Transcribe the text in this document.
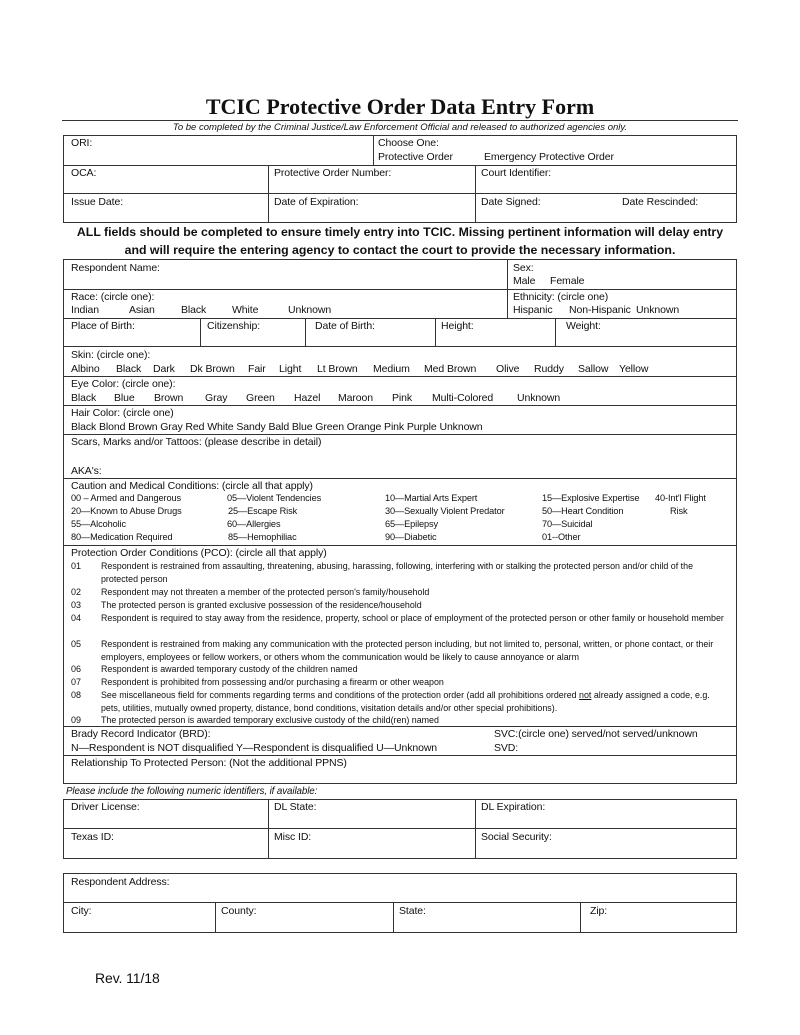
TCIC Protective Order Data Entry Form
To be completed by the Criminal Justice/Law Enforcement Official and released to authorized agencies only.
ORI:	Choose One:
Protective Order	Emergency Protective Order
OCA:	Protective Order Number:	Court Identifier:
Issue Date:	Date of Expiration:	Date Signed:	Date Rescinded:
ALL fields should be completed to ensure timely entry into TCIC. Missing pertinent information will delay entry
and will require the entering agency to contact the court to provide the necessary information.
Respondent Name:	Sex:
Male Female
Race: (circle one):
Indian	Asian Black White	Unknown
Ethnicity: (circle one)
Hispanic Non-Hispanic Unknown
Place of Birth:	Citizenship:	Date of Birth:	Height:	Weight:
Skin: (circle one):
Albino Black Dark Dk Brown Fair Light Lt Brown Medium Med Brown Olive Ruddy Sallow Yellow
Eye Color: (circle one):
Black Blue Brown Gray Green Hazel Maroon Pink Multi-Colored Unknown
Hair Color: (circle one)
Black Blond Brown Gray Red White Sandy Bald Blue Green Orange Pink Purple Unknown
Scars, Marks and/or Tattoos: (please describe in detail)
AKA's:
Caution and Medical Conditions: (circle all that apply)
00 – Armed and Dangerous	05—Violent Tendencies	10—Martial Arts Expert	15—Explosive Expertise 40-Int'l Flight
20—Known to Abuse Drugs	25—Escape Risk	30—Sexually Violent Predator	50—Heart Condition	Risk
55—Alcoholic	60—Allergies	65—Epilepsy	70—Suicidal
80—Medication Required	85—Hemophiliac	90—Diabetic	01--Other
Protection Order Conditions (PCO): (circle all that apply)
01 Respondent is restrained from assaulting, threatening, abusing, harassing, following, interfering with or stalking the protected person and/or child of the protected person
02 Respondent may not threaten a member of the protected person's family/household
03 The protected person is granted exclusive possession of the residence/household
04 Respondent is required to stay away from the residence, property, school or place of employment of the protected person or other family or household member
05 Respondent is restrained from making any communication with the protected person including, but not limited to, personal, written, or phone contact, or their employers, employees or fellow workers, or others whom the communication would be likely to cause annoyance or alarm
06 Respondent is awarded temporary custody of the children named
07 Respondent is prohibited from possessing and/or purchasing a firearm or other weapon
08 See miscellaneous field for comments regarding terms and conditions of the protection order (add all prohibitions ordered not already assigned a code, e.g. pets, utilities, mutually owned property, distance, bond conditions, visitation details and/or other special prohibitions).
09 The protected person is awarded temporary exclusive custody of the child(ren) named
Brady Record Indicator (BRD):
N—Respondent is NOT disqualified Y—Respondent is disqualified U—Unknown
SVC:(circle one) served/not served/unknown
SVD:
Relationship To Protected Person: (Not the additional PPNS)
Please include the following numeric identifiers, if available:
Driver License:	DL State:	DL Expiration:
Texas ID:	Misc ID:	Social Security:
Respondent Address:
City:	County:	State:	Zip:
Rev. 11/18
